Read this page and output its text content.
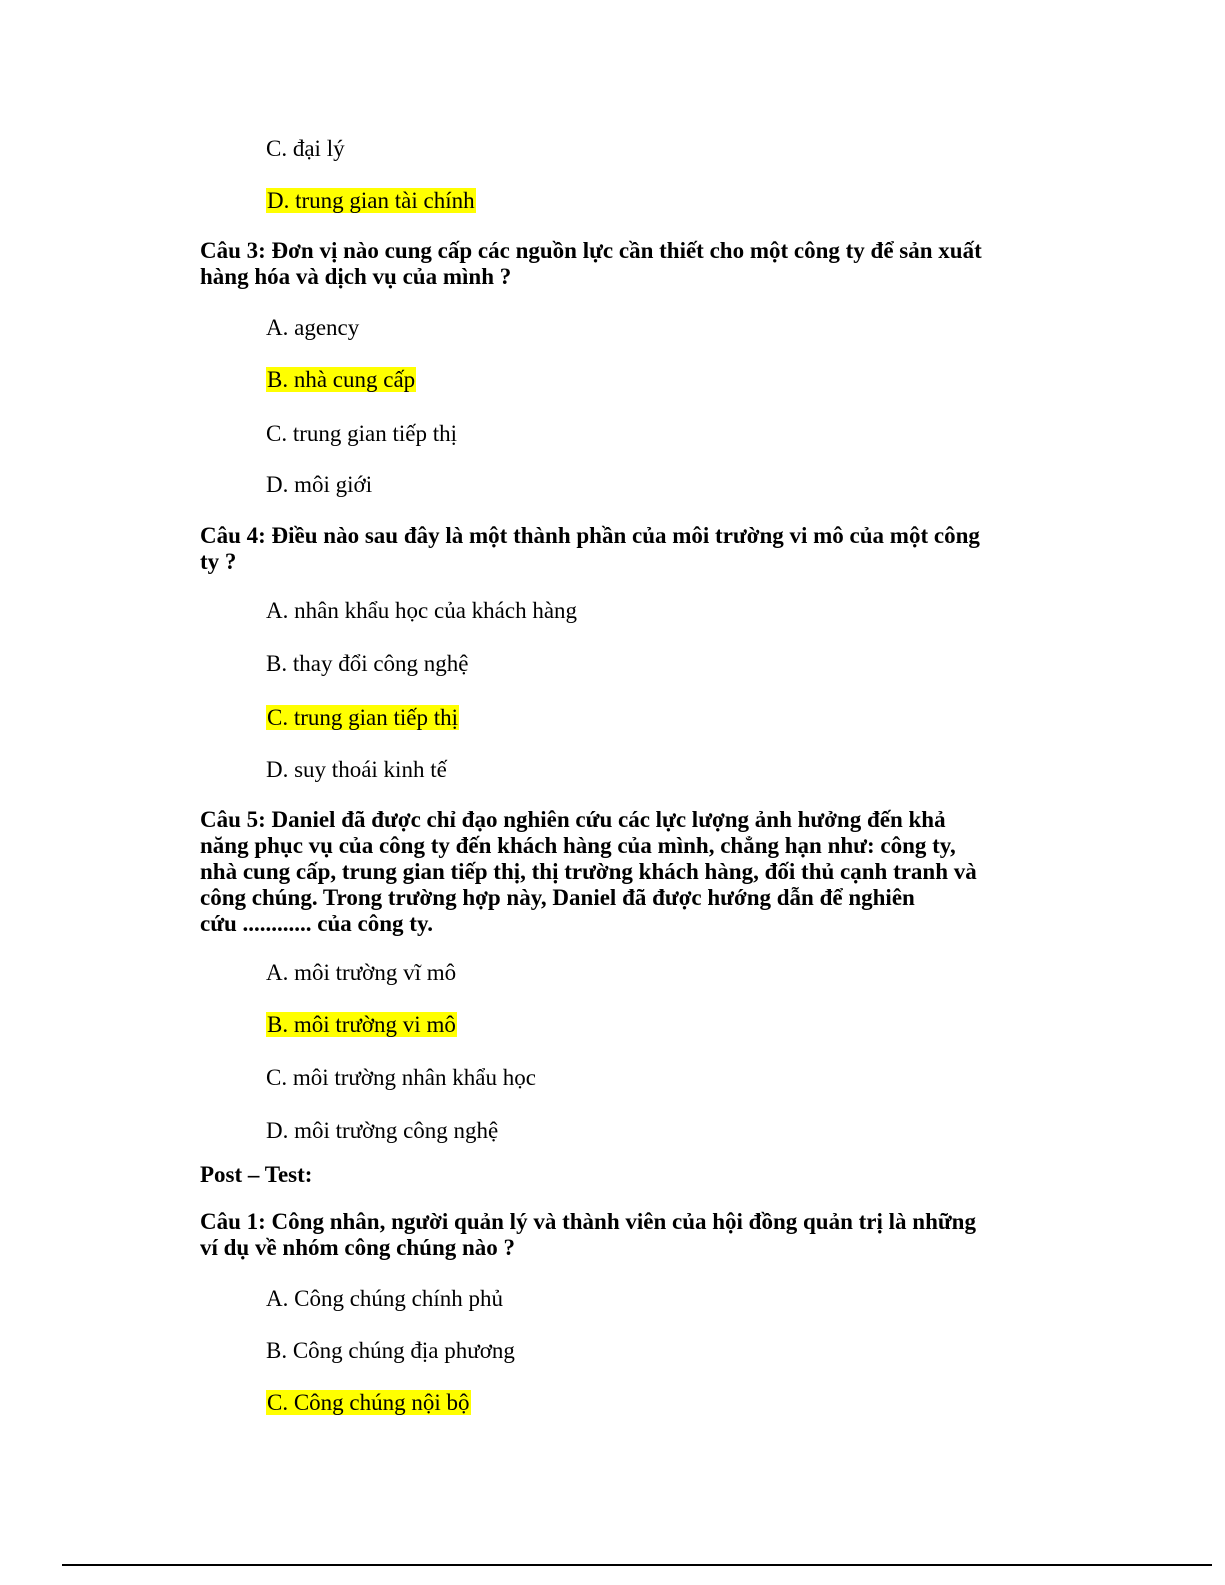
C. đại lý
D. trung gian tài chính
Câu 3: Đơn vị nào cung cấp các nguồn lực cần thiết cho một công ty để sản xuất
hàng hóa và dịch vụ của mình ?
A. agency
B. nhà cung cấp
C. trung gian tiếp thị
D. môi giới
Câu 4: Điều nào sau đây là một thành phần của môi trường vi mô của một công
ty ?
A. nhân khẩu học của khách hàng
B. thay đổi công nghệ
C. trung gian tiếp thị
D. suy thoái kinh tế
Câu 5: Daniel đã được chỉ đạo nghiên cứu các lực lượng ảnh hưởng đến khả
năng phục vụ của công ty đến khách hàng của mình, chẳng hạn như: công ty,
nhà cung cấp, trung gian tiếp thị, thị trường khách hàng, đối thủ cạnh tranh và
công chúng. Trong trường hợp này, Daniel đã được hướng dẫn để nghiên
cứu ............ của công ty.
A. môi trường vĩ mô
B. môi trường vi mô
C. môi trường nhân khẩu học
D. môi trường công nghệ
Post – Test:
Câu 1: Công nhân, người quản lý và thành viên của hội đồng quản trị là những
ví dụ về nhóm công chúng nào ?
A. Công chúng chính phủ
B. Công chúng địa phương
C. Công chúng nội bộ
